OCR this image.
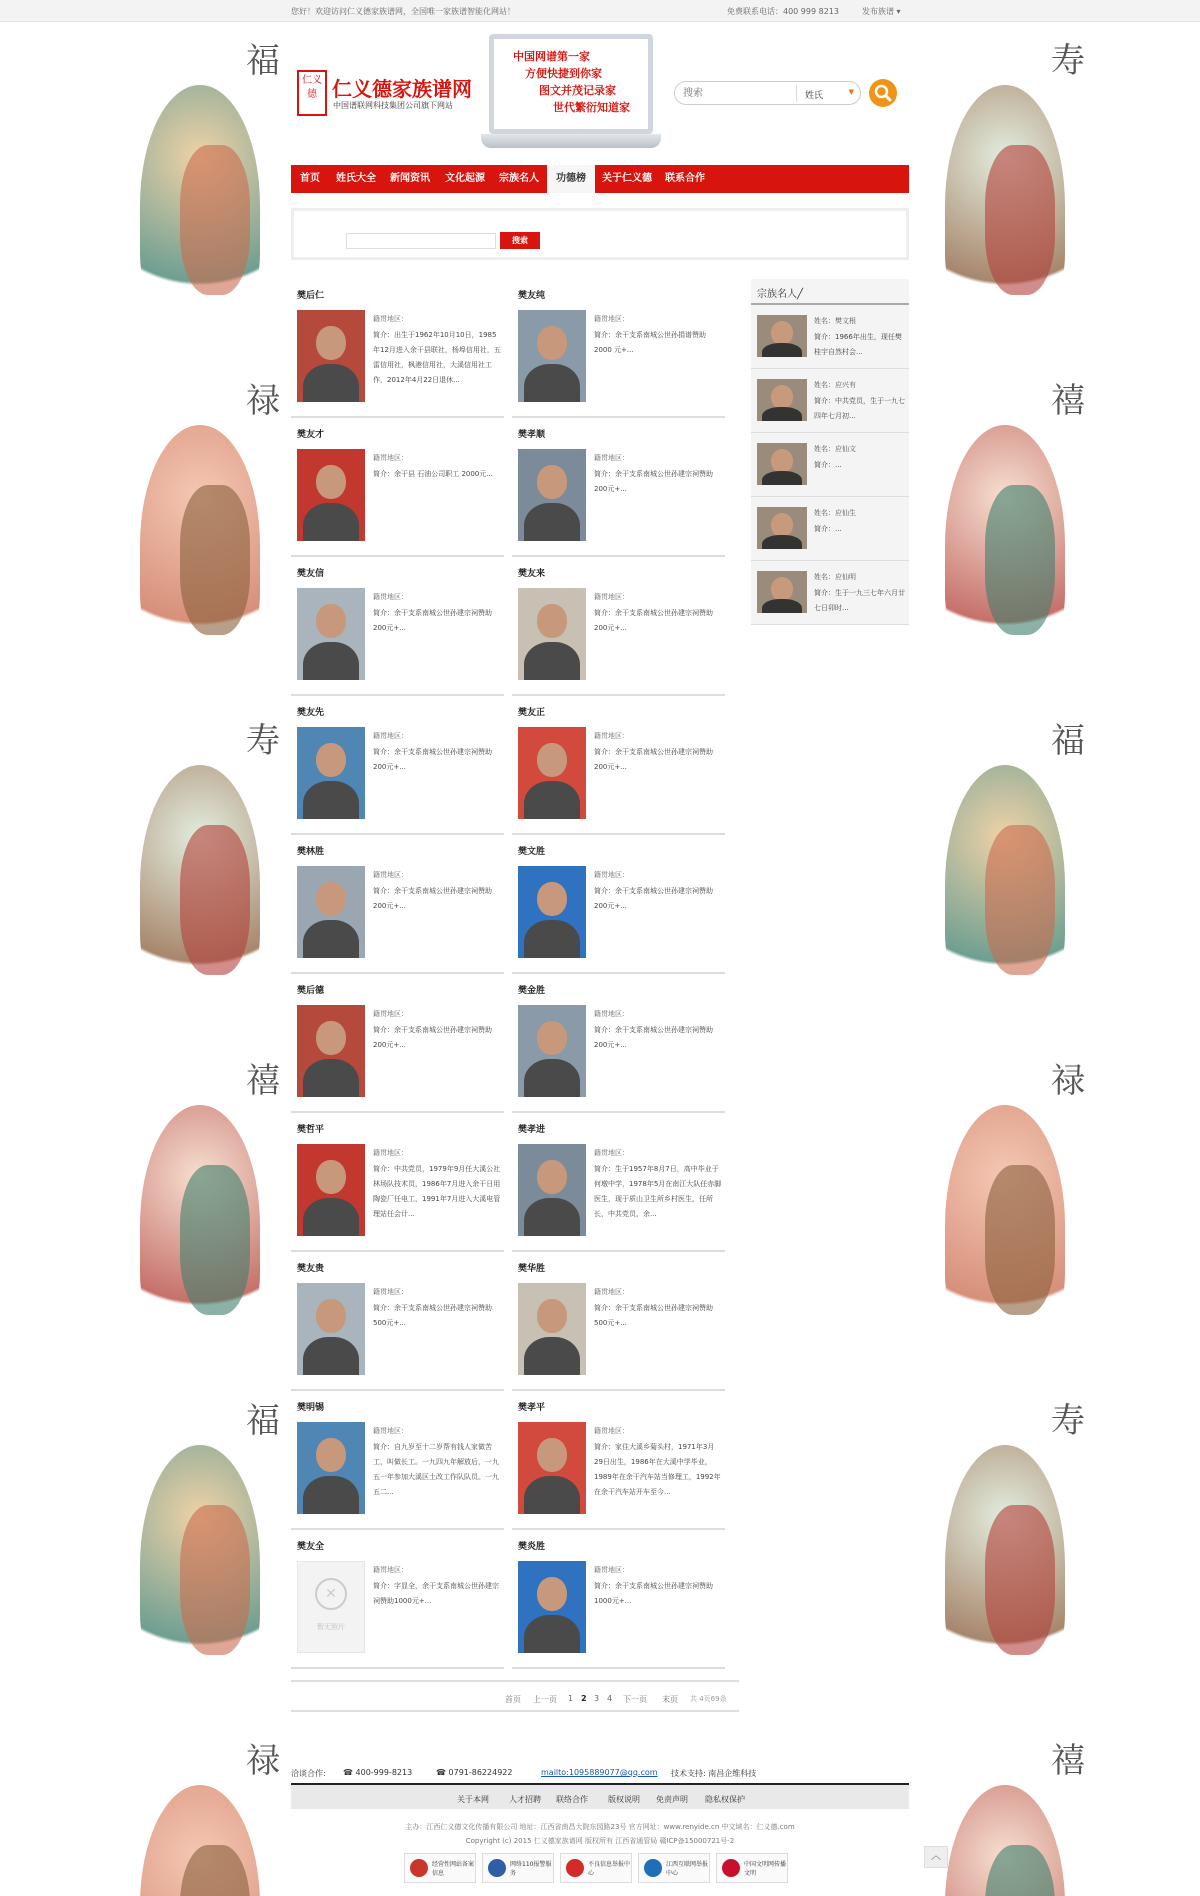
福
禄
寿
禧
福
禄
寿
禧
福
禄
寿
禧
您好！欢迎访问仁义德家族谱网，全国唯一家族谱智能化网站！	免费联系电话：400 999 8213	发布族谱 ▾
仁义德 仁义德家族谱网
中国谱联网科技集团公司旗下网站
中国网谱第一家
方便快捷到你家
图文并茂记录家
世代繁衍知道家
搜索
姓氏	▼
首页	姓氏大全	新闻资讯	文化起源	宗族名人	功德榜	关于仁义德	联系合作
搜索
樊后仁
籍贯地区：
简介：出生于1962年10月10日，1985年12月进入余干县联社，杨埠信用社，五雷信用社，枫港信用社，大溪信用社工作，2012年4月22日退休...
樊友纯
籍贯地区：
简介：余干支系南城公世孙捐谱赞助2000 元+...
樊友才
籍贯地区：
简介：余干县 石油公司职工 2000元...
樊孝顺
籍贯地区：
简介：余干支系南城公世孙建宗祠赞助200元+...
樊友信
籍贯地区：
简介：余干支系南城公世孙建宗祠赞助200元+...
樊友来
籍贯地区：
简介：余干支系南城公世孙建宗祠赞助200元+...
樊友先
籍贯地区：
简介：余干支系南城公世孙建宗祠赞助200元+...
樊友正
籍贯地区：
简介：余干支系南城公世孙建宗祠赞助200元+...
樊林胜
籍贯地区：
简介：余干支系南城公世孙建宗祠赞助200元+...
樊文胜
籍贯地区：
简介：余干支系南城公世孙建宗祠赞助200元+...
樊后德
籍贯地区：
简介：余干支系南城公世孙建宗祠赞助200元+...
樊金胜
籍贯地区：
简介：余干支系南城公世孙建宗祠赞助200元+...
樊哲平
籍贯地区：
简介：中共党员，1979年9月任大溪公社林场队技术员，1986年7月进入余干日用陶瓷厂任电工，1991年7月进入大溪电管理站任会计...
樊孝进
籍贯地区：
简介：生于1957年8月7日，高中毕业于何墩中学，1978年5月在南江大队任赤脚医生，现于质山卫生所乡村医生，任所长，中共党员，余...
樊友贵
籍贯地区：
简介：余干支系南城公世孙建宗祠赞助500元+...
樊华胜
籍贯地区：
简介：余干支系南城公世孙建宗祠赞助500元+...
樊明锡
籍贯地区：
简介：自九岁至十二岁帮有钱人家做苦工，叫做长工。一九四九年解放后，一九五一年参加大溪区土改工作队队员。一九五二...
樊孝平
籍贯地区：
简介：家住大溪乡菊头村，1971年3月29日出生，1986年在大溪中学毕业，1989年在余干汽车站当修理工，1992年在余干汽车站开车至今...
樊友全
✕
暂无照片
籍贯地区：
简介：字显全，余干支系南城公世孙建宗祠赞助1000元+...
樊炎胜
籍贯地区：
简介：余干支系南城公世孙建宗祠赞助1000元+...
首页 上一页 1 2 3 4 下一页 末页 共 4页69条
宗族名人╱
姓名：樊文根
简介：1966年出生，现任樊桂宇自然村会...
姓名：应兴有
简介：中共党员，生于一九七四年七月初...
姓名：应仙文
简介：...
姓名：应仙生
简介：...
姓名：应仙明
简介：生于一九三七年六月廿七日卯时...
洽谈合作: ☎ 400-999-8213	☎ 0791-86224922	mailto:1095889077@qq.com 技术支持: 南昌企维科技
关于本网	人才招聘 联络合作	版权说明 免责声明 隐私权保护
主办：江西仁义德文化传播有限公司 地址：江西省南昌大院东园路23号 官方网址：www.renyide.cn 中文域名：仁义德.com
Copyright (c) 2015 仁义德家族谱网 版权所有 江西省通管局 赣ICP备15000721号-2
经营性网站备案信息
网络110报警服务
不良信息举报中心
江西互联网举报中心
中国文明网传播文明
︿
